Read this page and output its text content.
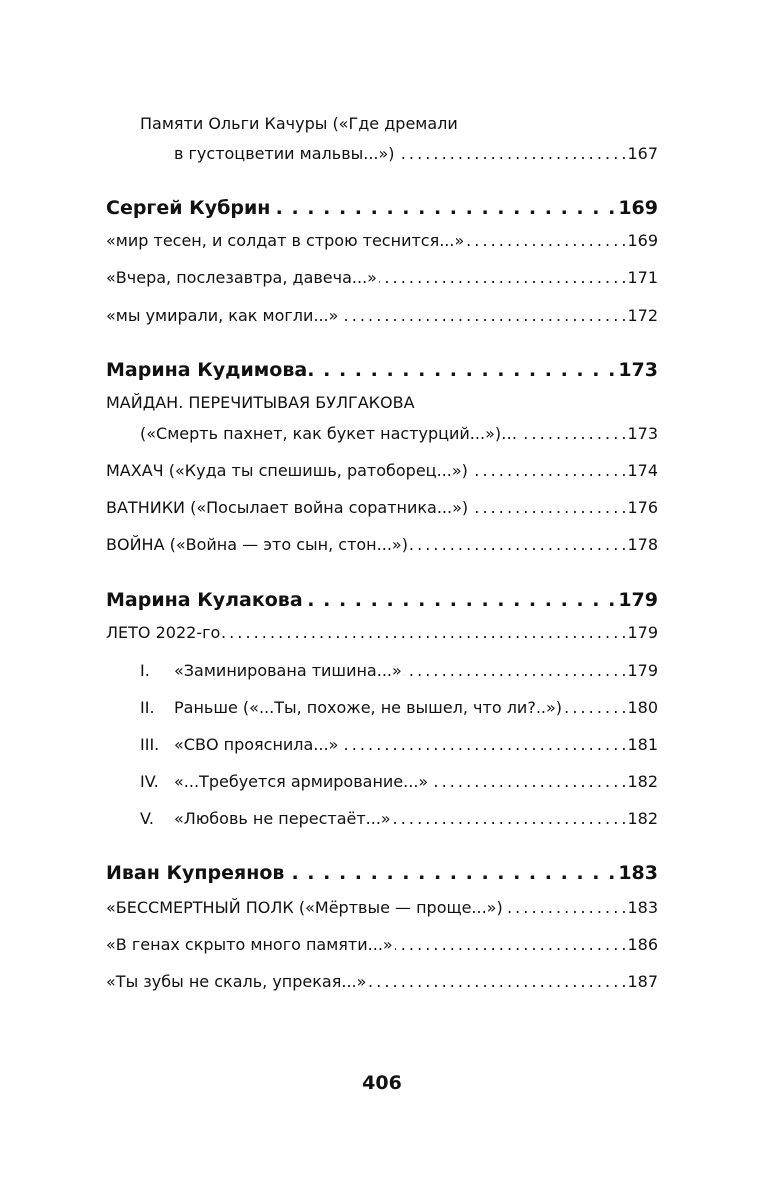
Памяти Ольги Качуры («Где дремали
в густоцветии мальвы...») . . .	167
Сергей Кубрин . . .	169
«мир тесен, и солдат в строю теснится...» . . .	169
«Вчера, послезавтра, давеча...» . . .	171
«мы умирали, как могли...» . . .	172
Марина Кудимова . . .	173
МАЙДАН. ПЕРЕЧИТЫВАЯ БУЛГАКОВА
(«Смерть пахнет, как букет настурций...»)… . . .	173
МАХАЧ («Куда ты спешишь, ратоборец...») . . .	174
ВАТНИКИ («Посылает война соратника...») . . .	176
ВОЙНА («Война — это сын, стон...») . . .	178
Марина Кулакова . . .	179
ЛЕТО 2022-го . . .	179
I.	«Заминирована тишина...» . . .	179
II.	Раньше («...Ты, похоже, не вышел, что ли?..») . . .	180
III. «СВО прояснила...» . . .	181
IV. «...Требуется армирование...» . . .	182
V.	«Любовь не перестаёт...» . . .	182
Иван Купреянов . . .	183
«БЕССМЕРТНЫЙ ПОЛК («Мёртвые — проще...») . . .	183
«В генах скрыто много памяти...» . . .	186
«Ты зубы не скаль, упрекая...» . . .	187
406
